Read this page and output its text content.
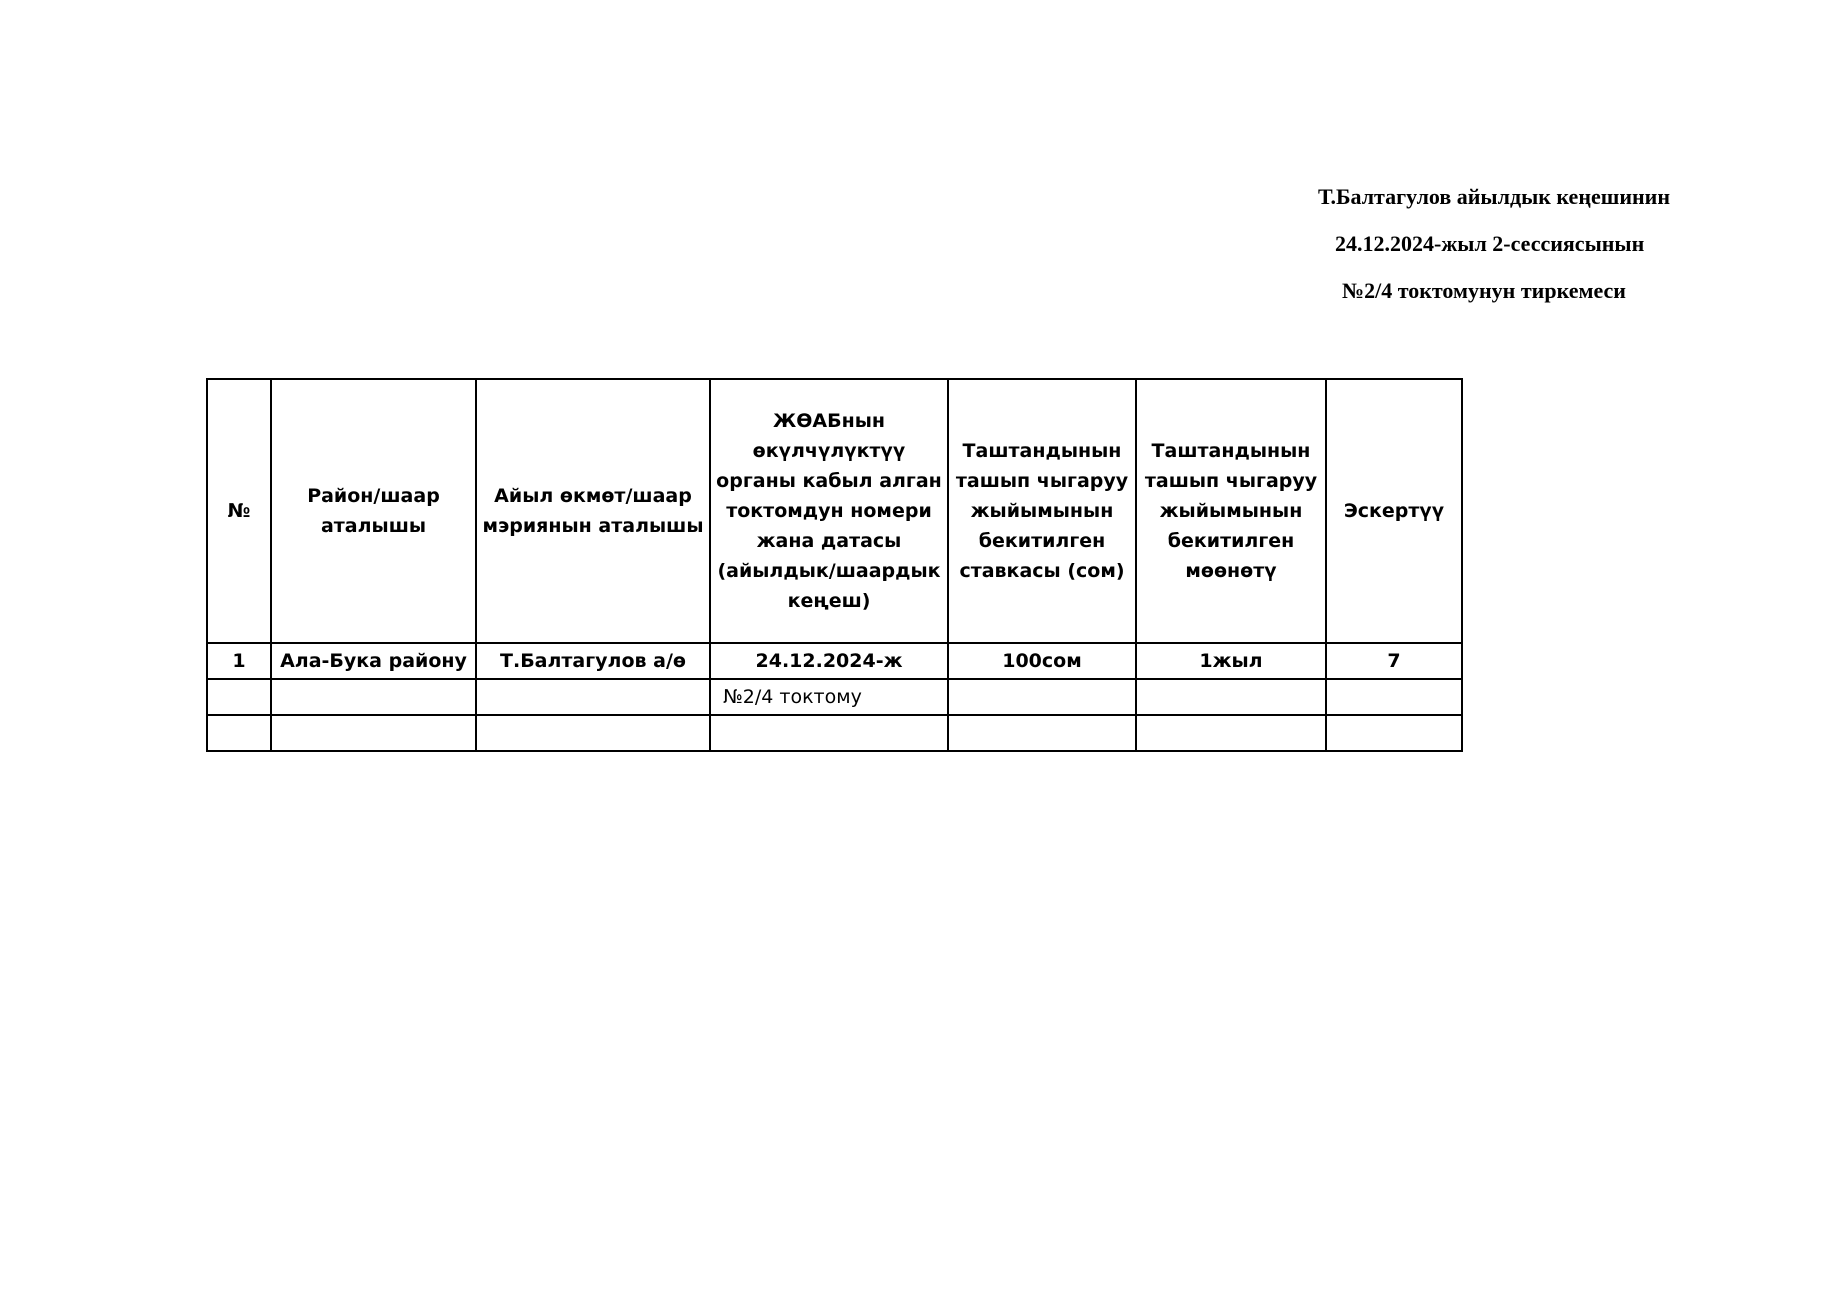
Т.Балтагулов айылдык кеңешинин
24.12.2024-жыл 2-сессиясынын
№2/4 токтомунун тиркемеси
№	Район/шаар аталышы	Айыл өкмөт/шаар мэриянын аталышы	ЖӨАБнын өкүлчүлүктүү органы кабыл алган токтомдун номери жана датасы (айылдык/шаардык кеңеш)	Таштандынын ташып чыгаруу жыйымынын бекитилген ставкасы (сом)	Таштандынын ташып чыгаруу жыйымынын бекитилген мөөнөтү	Эскертүү
1	Ала-Бука району	Т.Балтагулов а/ө	24.12.2024-ж	100сом	1жыл	7
			№2/4 токтому			
